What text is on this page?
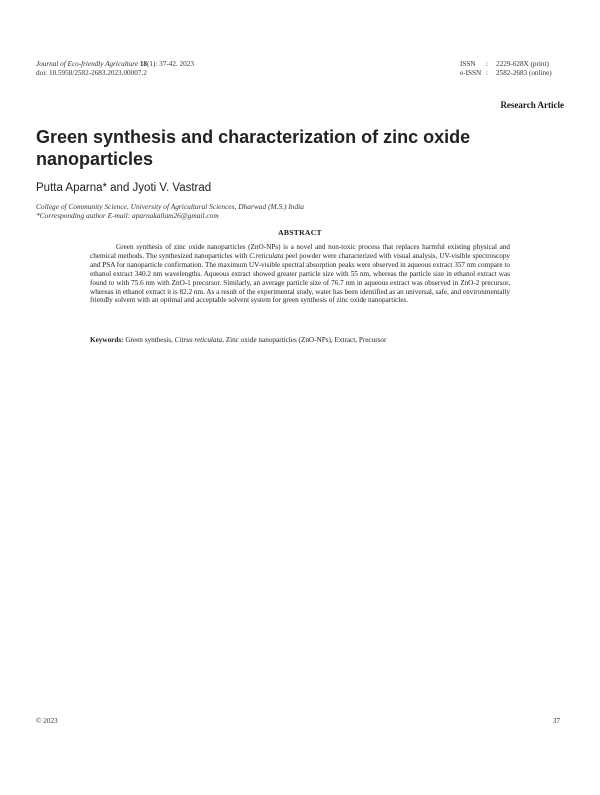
Journal of Eco-friendly Agriculture 18(1): 37-42. 2023
doi: 10.5958/2582-2683.2023.00007.2
ISSN : 2229-628X (print)
e-ISSN : 2582-2683 (online)
Research Article
Green synthesis and characterization of zinc oxide nanoparticles
Putta Aparna* and Jyoti V. Vastrad
College of Community Science, University of Agricultural Sciences, Dharwad (M.S.) India
*Corresponding author E-mail: aparnakallam26@gmail.com
ABSTRACT
Green synthesis of zinc oxide nanoparticles (ZnO-NPs) is a novel and non-toxic process that replaces harmful existing physical and chemical methods. The synthesized nanoparticles with C.reticulata peel powder were characterized with visual analysis, UV-visible spectroscopy and PSA for nanoparticle confirmation. The maximum UV-visible spectral absorption peaks were observed in aqueous extract 357 nm compare to ethanol extract 340.2 nm wavelengths. Aqueous extract showed greater particle size with 55 nm, whereas the particle size in ethanol extract was found to with 75.6 nm with ZnO-1 precursor. Similarly, an average particle size of 76.7 nm in aqueous extract was observed in ZnO-2 precursor, whereas in ethanol extract it is 82.2 nm. As a result of the experimental study, water has been identified as an universal, safe, and environmentally friendly solvent with an optimal and acceptable solvent system for green synthesis of zinc oxide nanoparticles.
Keywords: Green synthesis, Citrus reticulata, Zinc oxide nanoparticles (ZnO-NPs), Extract, Precursor
© 2023	37
